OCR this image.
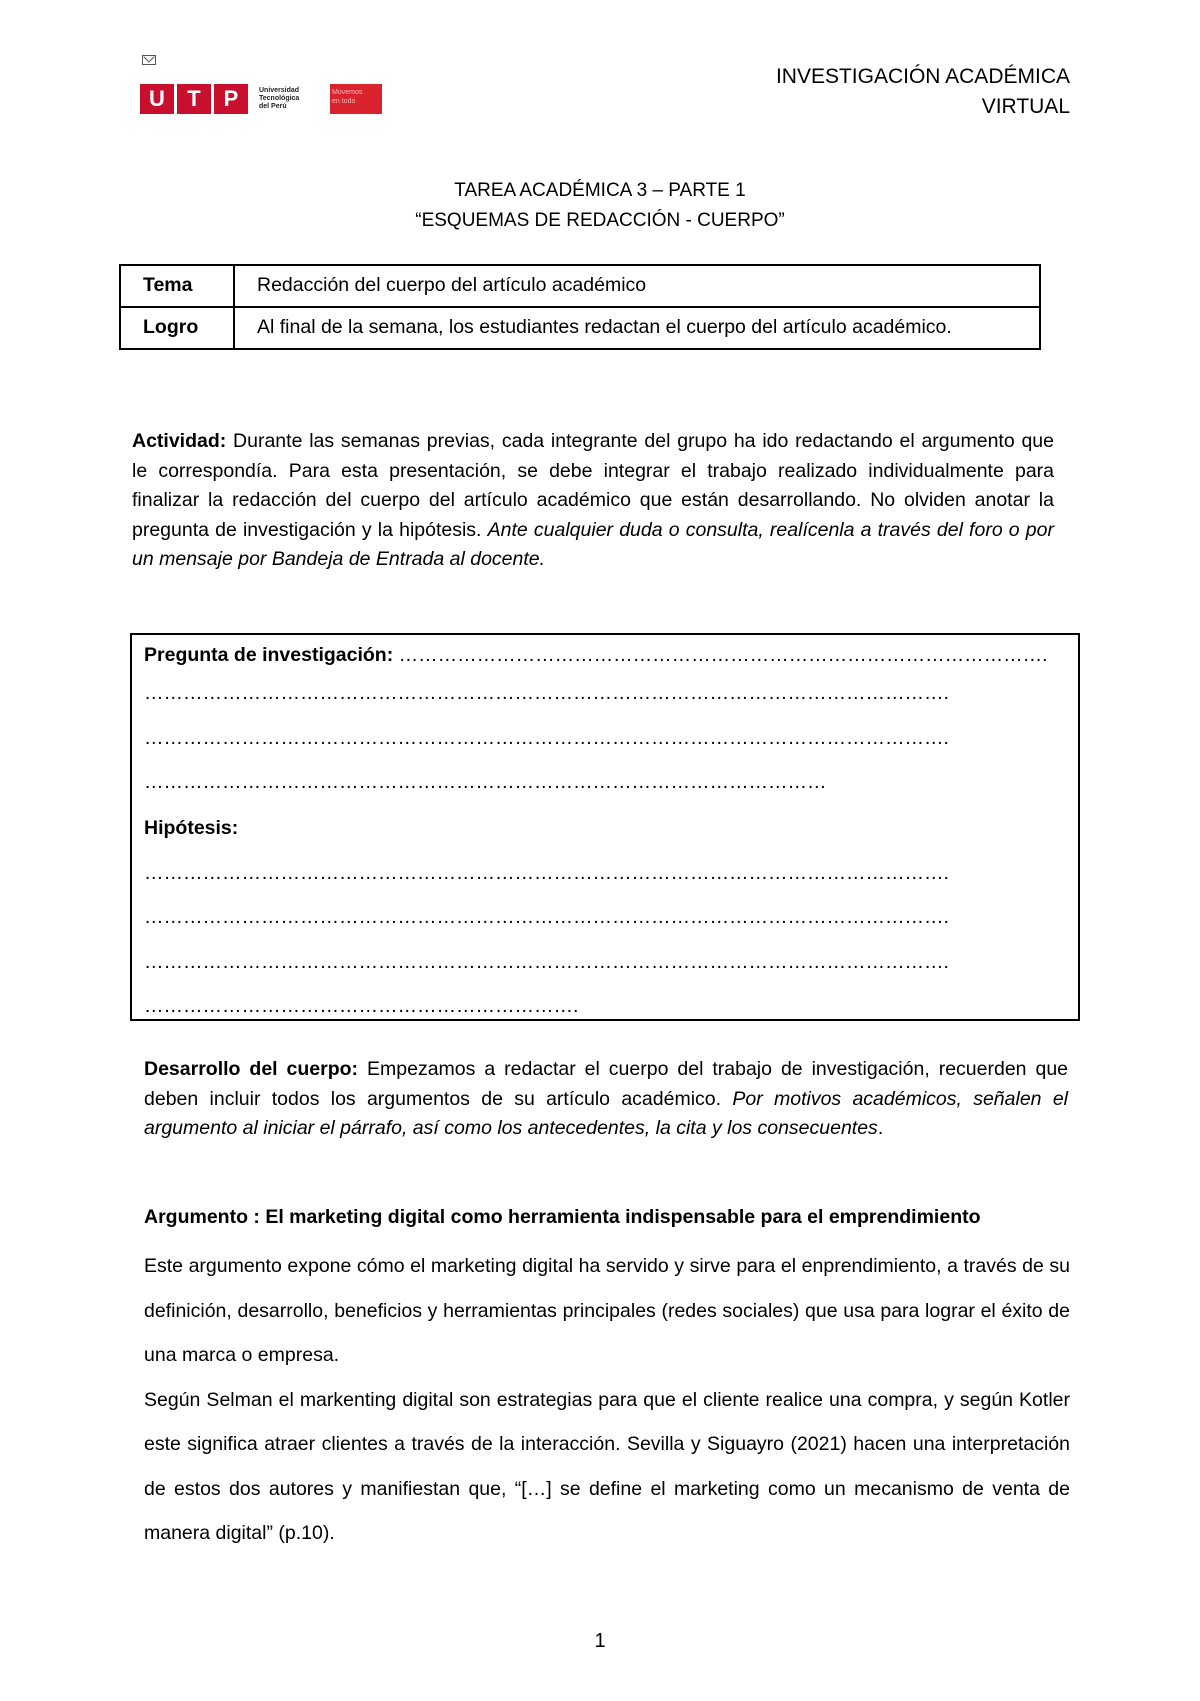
U	T	P	Universidad
Tecnológica
del Perú
Movemos
en todo
INVESTIGACIÓN ACADÉMICA
VIRTUAL
TAREA ACADÉMICA 3 – PARTE 1
“ESQUEMAS DE REDACCIÓN - CUERPO”
Tema	Redacción del cuerpo del artículo académico
Logro	Al final de la semana, los estudiantes redactan el cuerpo del artículo académico.
Actividad: Durante las semanas previas, cada integrante del grupo ha ido redactando el argumento que le correspondía. Para esta presentación, se debe integrar el trabajo realizado individualmente para finalizar la redacción del cuerpo del artículo académico que están desarrollando. No olviden anotar la pregunta de investigación y la hipótesis. Ante cualquier duda o consulta, realícenla a través del foro o por un mensaje por Bandeja de Entrada al docente.
Pregunta de investigación: ……………………………………………………………………………………….
…………………………………………………………………………………………………………….
…………………………………………………………………………………………………………….
……………………………………………………………………………………………
Hipótesis:
…………………………………………………………………………………………………………….
…………………………………………………………………………………………………………….
…………………………………………………………………………………………………………….
………………………………………………………….
Desarrollo del cuerpo: Empezamos a redactar el cuerpo del trabajo de investigación, recuerden que deben incluir todos los argumentos de su artículo académico. Por motivos académicos, señalen el argumento al iniciar el párrafo, así como los antecedentes, la cita y los consecuentes.
Argumento : El marketing digital como herramienta indispensable para el emprendimiento

Este argumento expone cómo el marketing digital ha servido y sirve para el enprendimiento, a través de su definición, desarrollo, beneficios y herramientas principales (redes sociales) que usa para lograr el éxito de una marca o empresa.

Según Selman el markenting digital son estrategias para que el cliente realice una compra, y según Kotler este significa atraer clientes a través de la interacción. Sevilla y Siguayro (2021) hacen una interpretación de estos dos autores y manifiestan que, “[…] se define el marketing como un mecanismo de venta de manera digital” (p.10).

1
